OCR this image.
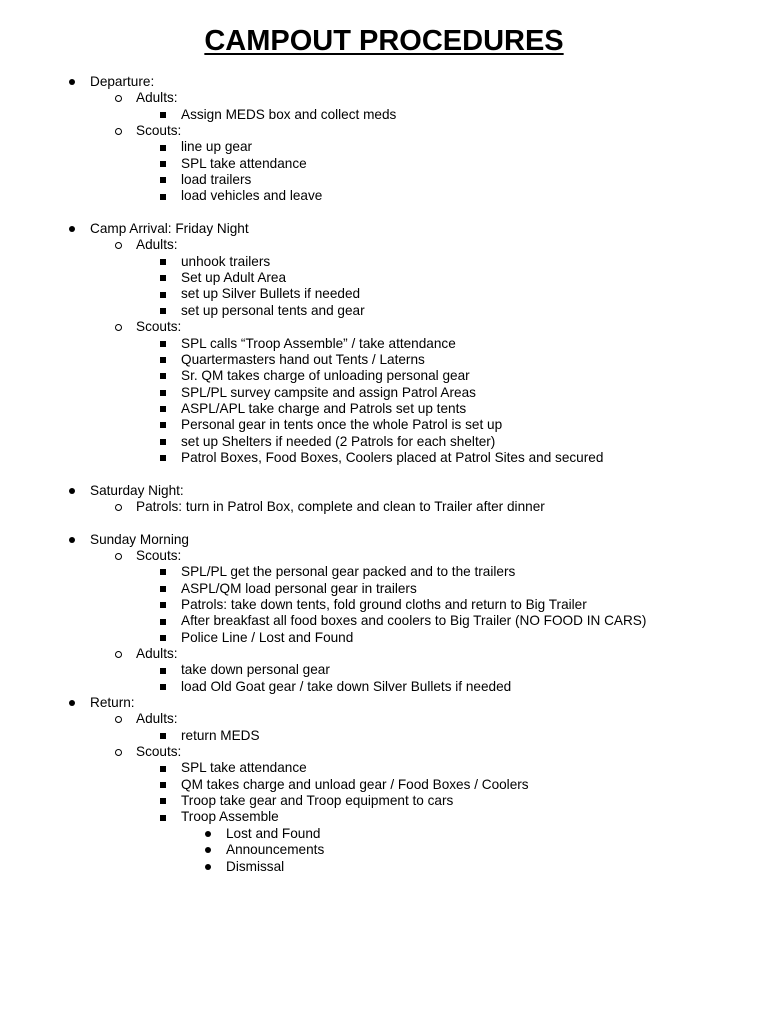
CAMPOUT PROCEDURES
Departure:
Adults:
Assign MEDS box and collect meds
Scouts:
line up gear
SPL take attendance
load trailers
load vehicles and leave
Camp Arrival: Friday Night
Adults:
unhook trailers
Set up Adult Area
set up Silver Bullets if needed
set up personal tents and gear
Scouts:
SPL calls “Troop Assemble” / take attendance
Quartermasters hand out Tents / Laterns
Sr. QM takes charge of unloading personal gear
SPL/PL survey campsite and assign Patrol Areas
ASPL/APL take charge and Patrols set up tents
Personal gear in tents once the whole Patrol is set up
set up Shelters if needed (2 Patrols for each shelter)
Patrol Boxes, Food Boxes, Coolers placed at Patrol Sites and secured
Saturday Night:
Patrols: turn in Patrol Box, complete and clean to Trailer after dinner
Sunday Morning
Scouts:
SPL/PL get the personal gear packed and to the trailers
ASPL/QM load personal gear in trailers
Patrols: take down tents, fold ground cloths and return to Big Trailer
After breakfast all food boxes and coolers to Big Trailer (NO FOOD IN CARS)
Police Line / Lost and Found
Adults:
take down personal gear
load Old Goat gear / take down Silver Bullets if needed
Return:
Adults:
return MEDS
Scouts:
SPL take attendance
QM takes charge and unload gear / Food Boxes / Coolers
Troop take gear and Troop equipment to cars
Troop Assemble
Lost and Found
Announcements
Dismissal
